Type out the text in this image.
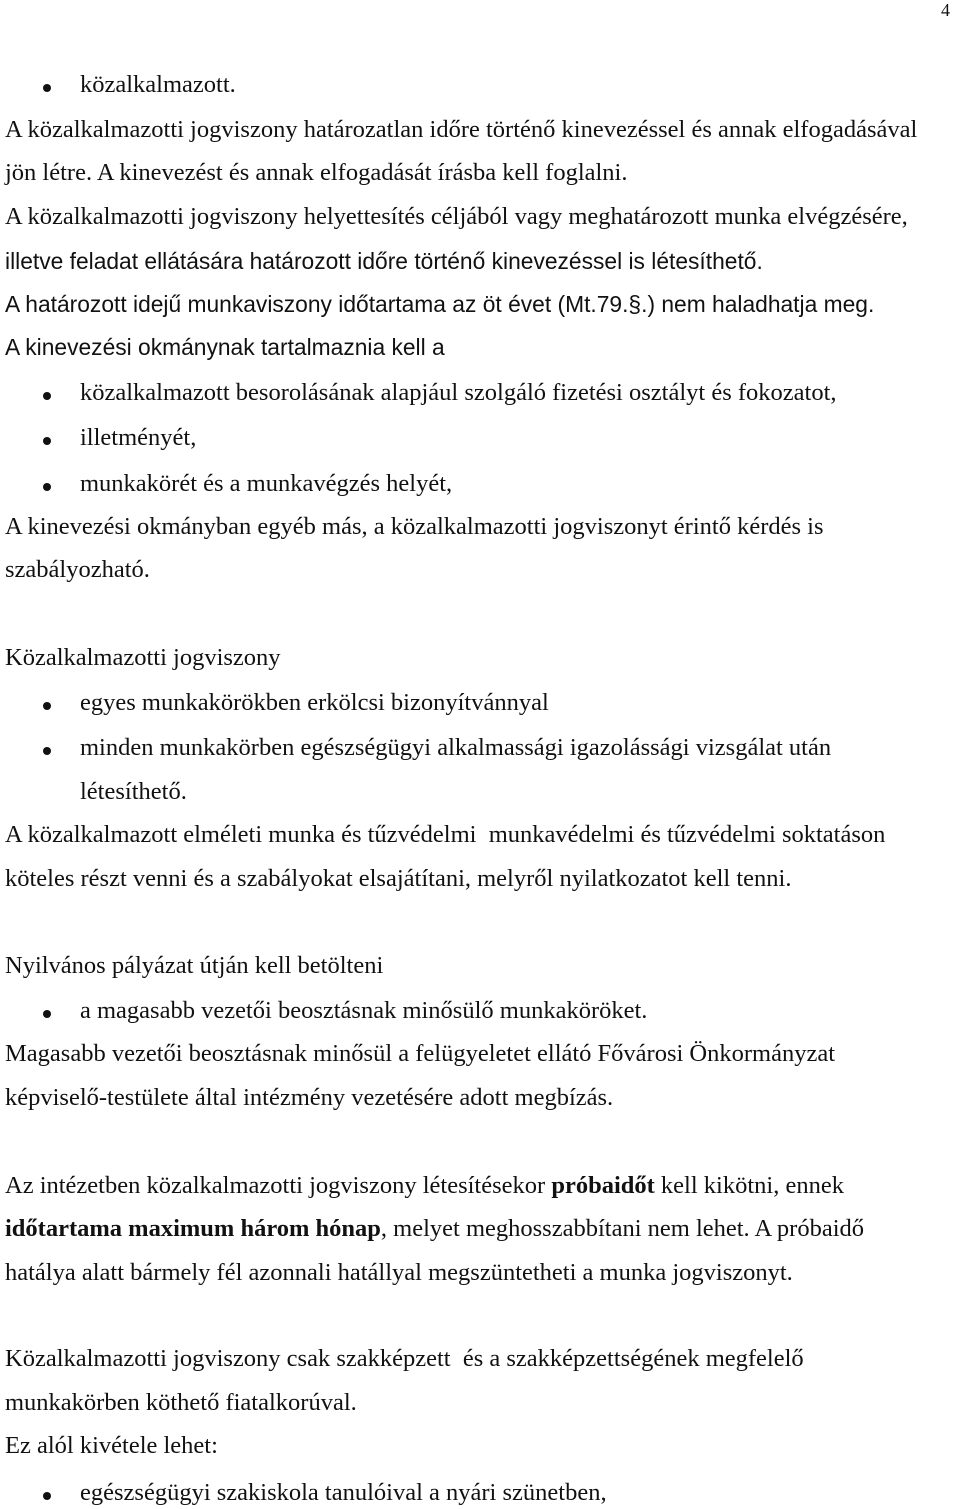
4
közalkalmazott.
A közalkalmazotti jogviszony határozatlan időre történő kinevezéssel és annak elfogadásával
jön létre. A kinevezést és annak elfogadását írásba kell foglalni.
A közalkalmazotti jogviszony helyettesítés céljából vagy meghatározott munka elvégzésére,
illetve feladat ellátására határozott időre történő kinevezéssel is létesíthető.
A határozott idejű munkaviszony időtartama az öt évet (Mt.79.§.) nem haladhatja meg.
A kinevezési okmánynak tartalmaznia kell a
közalkalmazott besorolásának alapjául szolgáló fizetési osztályt és fokozatot,
illetményét,
munkakörét és a munkavégzés helyét,
A kinevezési okmányban egyéb más, a közalkalmazotti jogviszonyt érintő kérdés is
szabályozható.
Közalkalmazotti jogviszony
egyes munkakörökben erkölcsi bizonyítvánnyal
minden munkakörben egészségügyi alkalmassági igazolássági vizsgálat után
létesíthető.
A közalkalmazott elméleti munka és tűzvédelmi  munkavédelmi és tűzvédelmi soktatáson
köteles részt venni és a szabályokat elsajátítani, melyről nyilatkozatot kell tenni.
Nyilvános pályázat útján kell betölteni
a magasabb vezetői beosztásnak minősülő munkaköröket.
Magasabb vezetői beosztásnak minősül a felügyeletet ellátó Fővárosi Önkormányzat
képviselő-testülete által intézmény vezetésére adott megbízás.
Az intézetben közalkalmazotti jogviszony létesítésekor próbaidőt kell kikötni, ennek
időtartama maximum három hónap, melyet meghosszabbítani nem lehet. A próbaidő
hatálya alatt bármely fél azonnali hatállyal megszüntetheti a munka jogviszonyt.
Közalkalmazotti jogviszony csak szakképzett  és a szakképzettségének megfelelő
munkakörben köthető fiatalkorúval.
Ez alól kivétele lehet:
egészségügyi szakiskola tanulóival a nyári szünetben,
